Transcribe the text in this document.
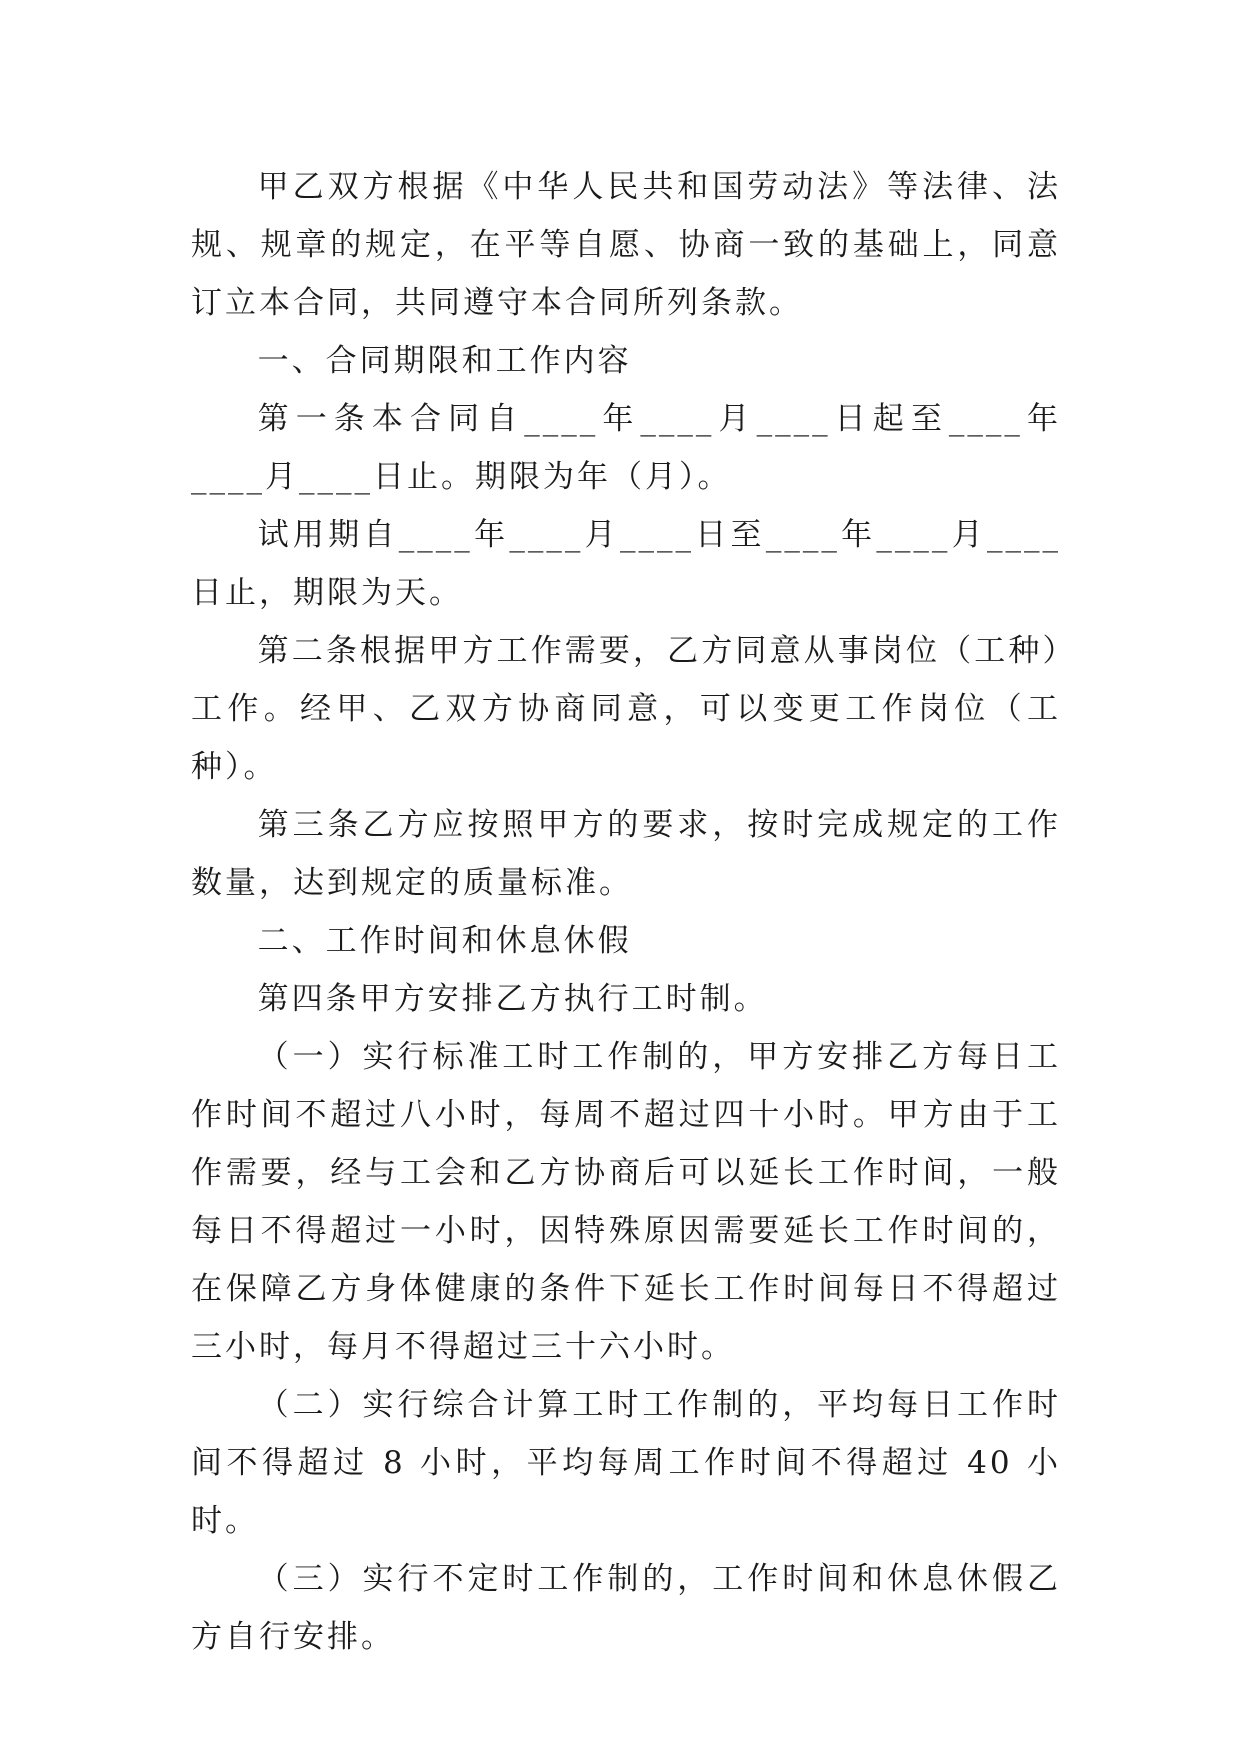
甲乙双方根据《中华人民共和国劳动法》等法律、法规、规章的规定，在平等自愿、协商一致的基础上，同意订立本合同，共同遵守本合同所列条款。

一、合同期限和工作内容

第一条本合同自____年____月____日起至____年____月____日止。期限为年（月）。

试用期自____年____月____日至____年____月____日止，期限为天。

第二条根据甲方工作需要，乙方同意从事岗位（工种）工作。经甲、乙双方协商同意，可以变更工作岗位（工种）。

第三条乙方应按照甲方的要求，按时完成规定的工作数量，达到规定的质量标准。

二、工作时间和休息休假

第四条甲方安排乙方执行工时制。

（一）实行标准工时工作制的，甲方安排乙方每日工作时间不超过八小时，每周不超过四十小时。甲方由于工作需要，经与工会和乙方协商后可以延长工作时间，一般每日不得超过一小时，因特殊原因需要延长工作时间的，在保障乙方身体健康的条件下延长工作时间每日不得超过三小时，每月不得超过三十六小时。

（二）实行综合计算工时工作制的，平均每日工作时间不得超过 8 小时，平均每周工作时间不得超过 40 小时。

（三）实行不定时工作制的，工作时间和休息休假乙方自行安排。
